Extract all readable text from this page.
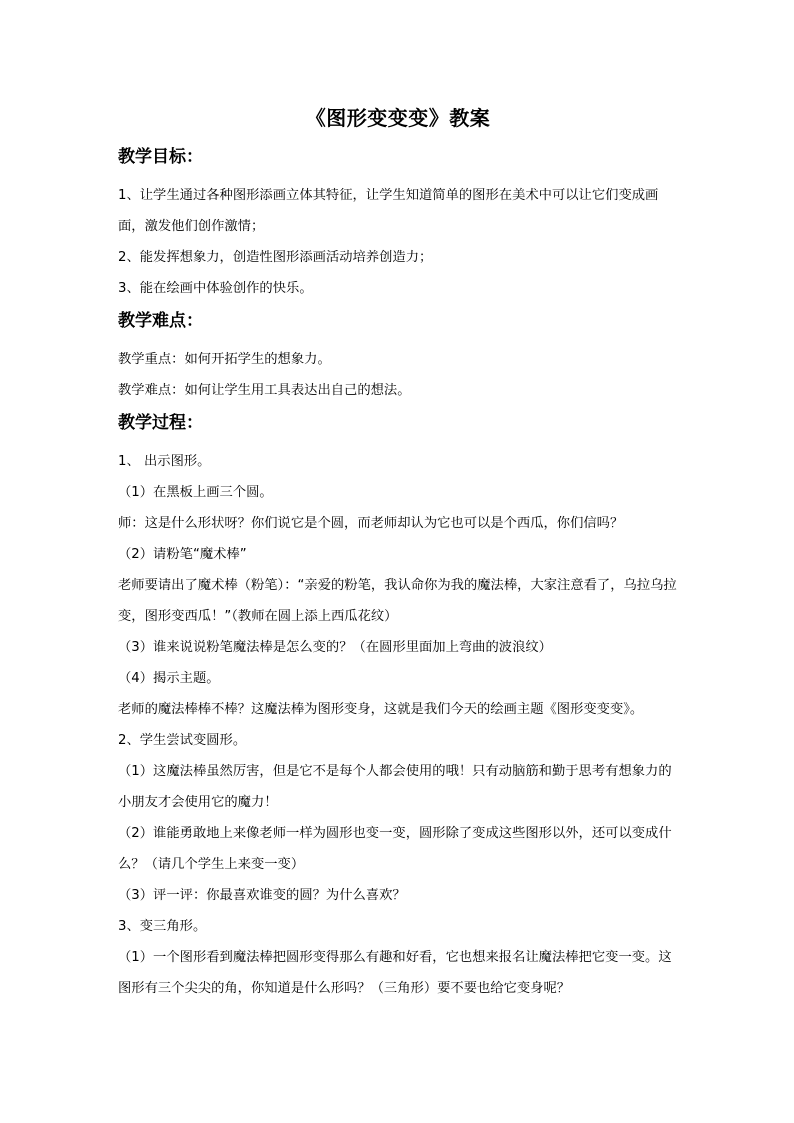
《图形变变变》教案
教学目标：

1、让学生通过各种图形添画立体其特征，让学生知道简单的图形在美术中可以让它们变成画面，激发他们创作激情；

2、能发挥想象力，创造性图形添画活动培养创造力；

3、能在绘画中体验创作的快乐。

教学难点：

教学重点：如何开拓学生的想象力。

教学难点：如何让学生用工具表达出自己的想法。

教学过程：

1、 出示图形。

（1）在黑板上画三个圆。

师：这是什么形状呀？你们说它是个圆，而老师却认为它也可以是个西瓜，你们信吗？

（2）请粉笔“魔术棒”

老师要请出了魔术棒（粉笔）：“亲爱的粉笔，我认命你为我的魔法棒，大家注意看了，乌拉乌拉变，图形变西瓜！”（教师在圆上添上西瓜花纹）

（3）谁来说说粉笔魔法棒是怎么变的？（在圆形里面加上弯曲的波浪纹）

（4）揭示主题。

老师的魔法棒棒不棒？这魔法棒为图形变身，这就是我们今天的绘画主题《图形变变变》。

2、学生尝试变圆形。

（1）这魔法棒虽然厉害，但是它不是每个人都会使用的哦！只有动脑筋和勤于思考有想象力的小朋友才会使用它的魔力！

（2）谁能勇敢地上来像老师一样为圆形也变一变，圆形除了变成这些图形以外，还可以变成什么？（请几个学生上来变一变）

（3）评一评：你最喜欢谁变的圆？为什么喜欢？

3、变三角形。

（1）一个图形看到魔法棒把圆形变得那么有趣和好看，它也想来报名让魔法棒把它变一变。这图形有三个尖尖的角，你知道是什么形吗？（三角形）要不要也给它变身呢？
